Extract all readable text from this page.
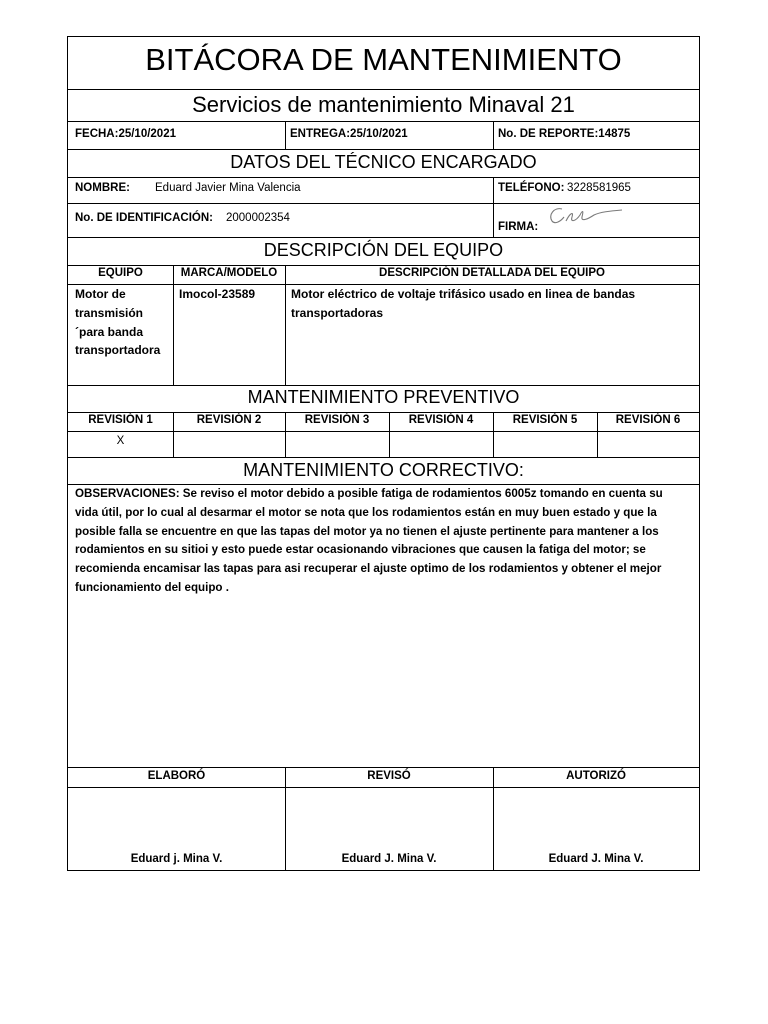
BITÁCORA DE MANTENIMIENTO
Servicios de mantenimiento Minaval 21
FECHA:25/10/2021	ENTREGA:25/10/2021	No. DE REPORTE:14875
DATOS DEL TÉCNICO ENCARGADO
NOMBRE: Eduard Javier Mina Valencia	TELÉFONO: 3228581965
No. DE IDENTIFICACIÓN: 2000002354
FIRMA:
DESCRIPCIÓN DEL EQUIPO
EQUIPO	MARCA/MODELO	DESCRIPCIÓN DETALLADA DEL EQUIPO
Motor de
transmisión
´para banda
transportadora
Imocol-23589	Motor eléctrico de voltaje trifásico usado en linea de bandas
transportadoras
MANTENIMIENTO PREVENTIVO
REVISIÓN 1	REVISIÓN 2	REVISIÓN 3	REVISIÓN 4	REVISIÓN 5	REVISIÓN 6
X
MANTENIMIENTO CORRECTIVO:
OBSERVACIONES: Se reviso el motor debido a posible fatiga de rodamientos 6005z tomando en cuenta su
vida útil, por lo cual al desarmar el motor se nota que los rodamientos están en muy buen estado y que la
posible falla se encuentre en que las tapas del motor ya no tienen el ajuste pertinente para mantener a los
rodamientos en su sitioi y esto puede estar ocasionando vibraciones que causen la fatiga del motor; se
recomienda encamisar las tapas para asi recuperar el ajuste optimo de los rodamientos y obtener el mejor
funcionamiento del equipo .
ELABORÓ	REVISÓ	AUTORIZÓ
Eduard j. Mina V.	Eduard J. Mina V.	Eduard J. Mina V.
